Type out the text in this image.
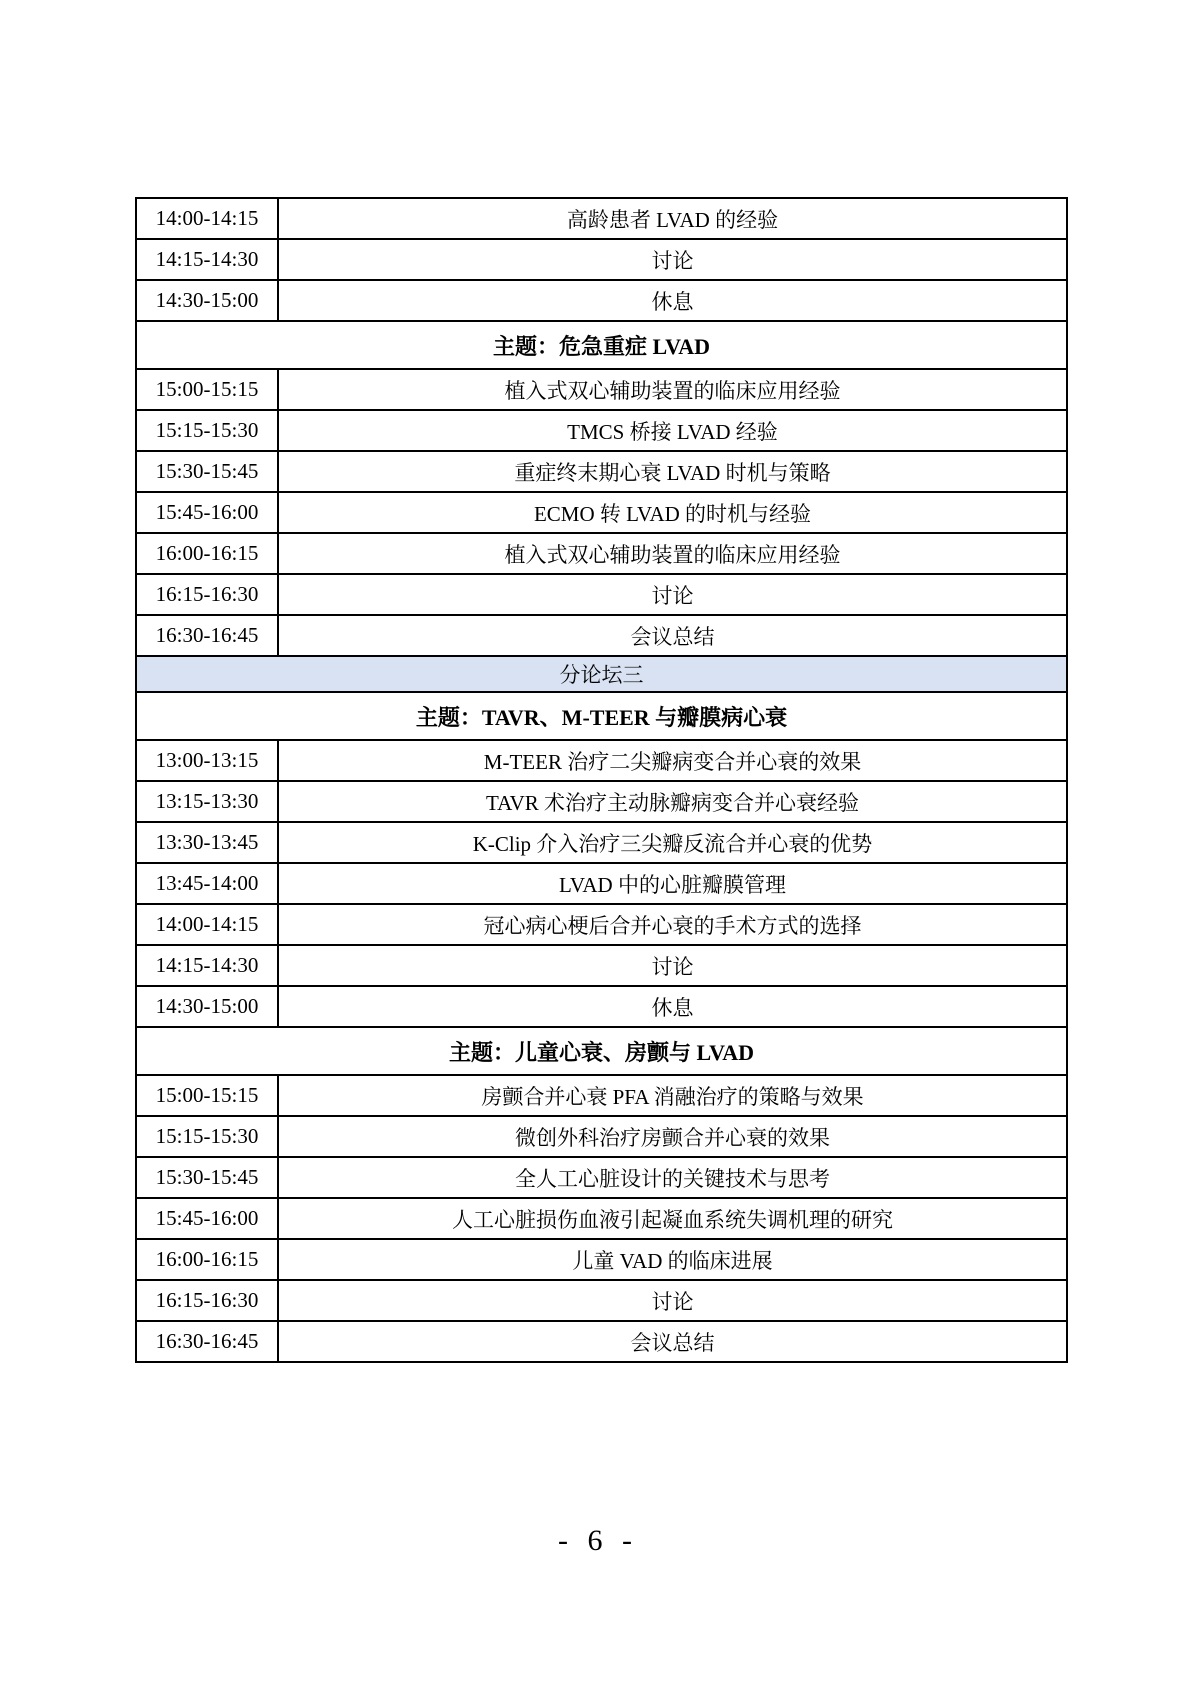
14:00-14:15	高龄患者 LVAD 的经验
14:15-14:30	讨论
14:30-15:00	休息
主题：危急重症 LVAD	
15:00-15:15	植入式双心辅助装置的临床应用经验
15:15-15:30	TMCS 桥接 LVAD 经验
15:30-15:45	重症终末期心衰 LVAD 时机与策略
15:45-16:00	ECMO 转 LVAD 的时机与经验
16:00-16:15	植入式双心辅助装置的临床应用经验
16:15-16:30	讨论
16:30-16:45	会议总结
分论坛三	
主题：TAVR、M-TEER 与瓣膜病心衰	
13:00-13:15	M-TEER 治疗二尖瓣病变合并心衰的效果
13:15-13:30	TAVR 术治疗主动脉瓣病变合并心衰经验
13:30-13:45	K-Clip 介入治疗三尖瓣反流合并心衰的优势
13:45-14:00	LVAD 中的心脏瓣膜管理
14:00-14:15	冠心病心梗后合并心衰的手术方式的选择
14:15-14:30	讨论
14:30-15:00	休息
主题：儿童心衰、房颤与 LVAD	
15:00-15:15	房颤合并心衰 PFA 消融治疗的策略与效果
15:15-15:30	微创外科治疗房颤合并心衰的效果
15:30-15:45	全人工心脏设计的关键技术与思考
15:45-16:00	人工心脏损伤血液引起凝血系统失调机理的研究
16:00-16:15	儿童 VAD 的临床进展
16:15-16:30	讨论
16:30-16:45	会议总结
- 6 -
